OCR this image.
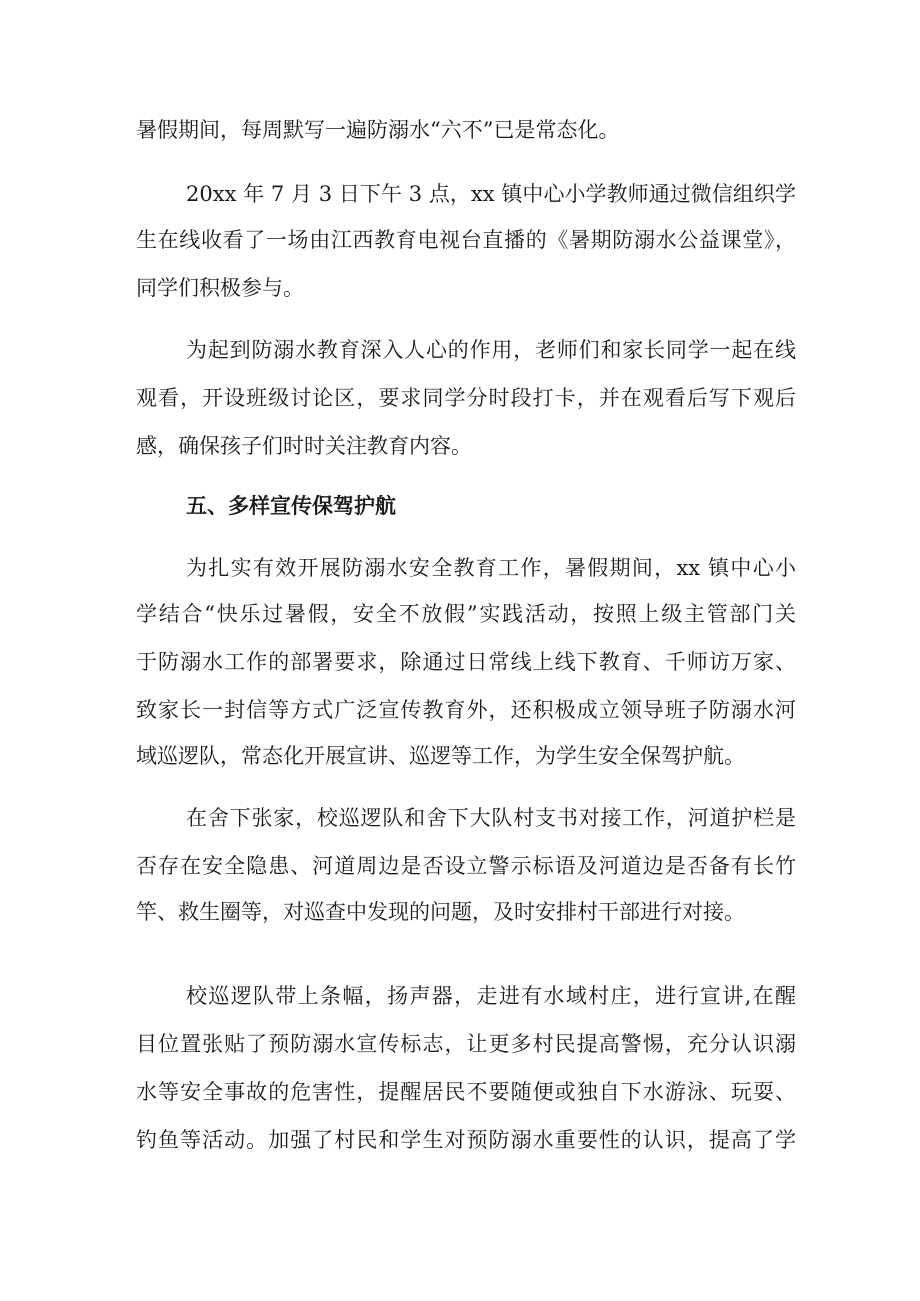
暑假期间，每周默写一遍防溺水“六不”已是常态化。
20xx 年 7 月 3 日下午 3 点，xx 镇中心小学教师通过微信组织学
生在线收看了一场由江西教育电视台直播的《暑期防溺水公益课堂》，
同学们积极参与。
为起到防溺水教育深入人心的作用，老师们和家长同学一起在线
观看，开设班级讨论区，要求同学分时段打卡，并在观看后写下观后
感，确保孩子们时时关注教育内容。
五、多样宣传保驾护航
为扎实有效开展防溺水安全教育工作，暑假期间，xx 镇中心小
学结合“快乐过暑假，安全不放假”实践活动，按照上级主管部门关
于防溺水工作的部署要求，除通过日常线上线下教育、千师访万家、
致家长一封信等方式广泛宣传教育外，还积极成立领导班子防溺水河
域巡逻队，常态化开展宣讲、巡逻等工作，为学生安全保驾护航。
在舍下张家，校巡逻队和舍下大队村支书对接工作，河道护栏是
否存在安全隐患、河道周边是否设立警示标语及河道边是否备有长竹
竿、救生圈等，对巡查中发现的问题，及时安排村干部进行对接。
校巡逻队带上条幅，扬声器，走进有水域村庄，进行宣讲,在醒
目位置张贴了预防溺水宣传标志，让更多村民提高警惕，充分认识溺
水等安全事故的危害性，提醒居民不要随便或独自下水游泳、玩耍、
钓鱼等活动。加强了村民和学生对预防溺水重要性的认识，提高了学
